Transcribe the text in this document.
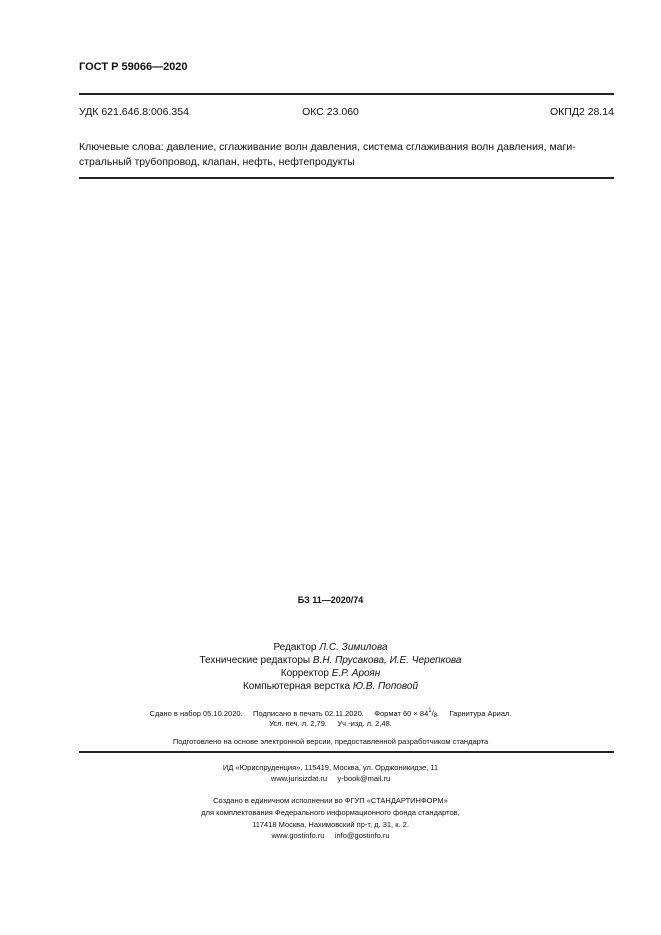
ГОСТ Р 59066—2020
УДК 621.646.8:006.354	ОКС 23.060	ОКПД2 28.14
Ключевые слова: давление, сглаживание волн давления, система сглаживания волн давления, маги-
стральный трубопровод, клапан, нефть, нефтепродукты
БЗ 11—2020/74
Редактор Л.С. Зимилова
Технические редакторы В.Н. Прусакова, И.Е. Черепкова
Корректор Е.Р. Ароян
Компьютерная верстка Ю.В. Поповой
Сдано в набор 05.10.2020. Подписано в печать 02.11.2020. Формат $60 \times 84^1/_8$. Гарнитура Ариал.
Усл. печ. л. 2,79. Уч.-изд. л. 2,48.
Подготовлено на основе электронной версии, предоставленной разработчиком стандарта
ИД «Юриспруденция», 115419, Москва, ул. Орджоникидзе, 11
www.jurisizdat.ru y-book@mail.ru
Создано в единичном исполнении во ФГУП «СТАНДАРТИНФОРМ»
для комплектования Федерального информационного фонда стандартов,
117418 Москва, Нахимовский пр-т, д. 31, к. 2.
www.gostinfo.ru info@gostinfo.ru
